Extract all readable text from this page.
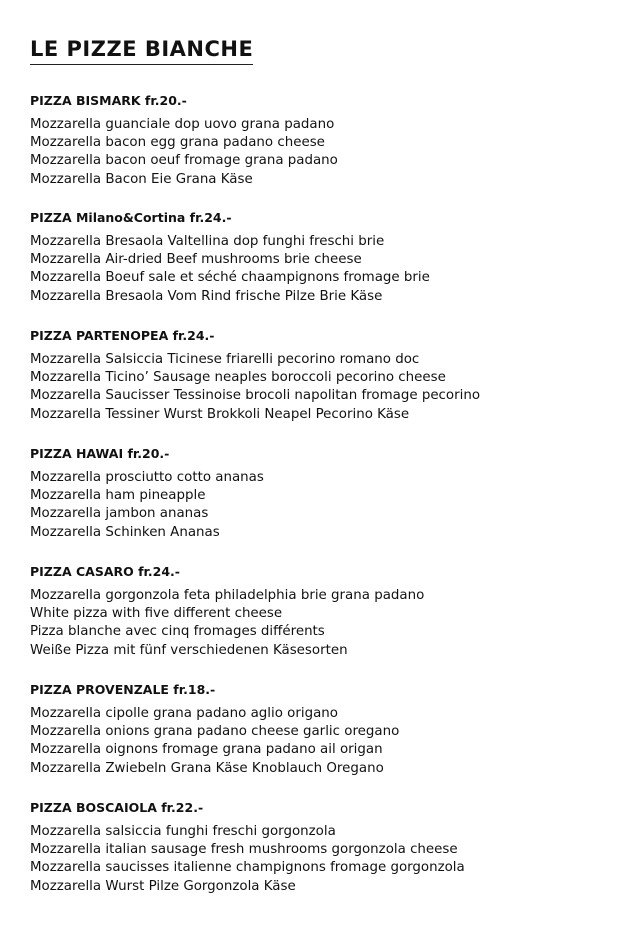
LE PIZZE BIANCHE
PIZZA BISMARK fr.20.-
Mozzarella guanciale dop uovo grana padano
Mozzarella bacon egg grana padano cheese
Mozzarella bacon oeuf fromage grana padano
Mozzarella Bacon Eie Grana Käse
PIZZA Milano&Cortina fr.24.-
Mozzarella Bresaola Valtellina dop funghi freschi brie
Mozzarella Air-dried Beef mushrooms brie cheese
Mozzarella Boeuf sale et séché chaampignons fromage brie
Mozzarella Bresaola Vom Rind frische Pilze Brie Käse
PIZZA PARTENOPEA fr.24.-
Mozzarella Salsiccia Ticinese friarelli pecorino romano doc
Mozzarella Ticino’ Sausage neaples boroccoli pecorino cheese
Mozzarella Saucisser Tessinoise brocoli napolitan fromage pecorino
Mozzarella Tessiner Wurst Brokkoli Neapel Pecorino Käse
PIZZA HAWAI fr.20.-
Mozzarella prosciutto cotto ananas
Mozzarella ham pineapple
Mozzarella jambon ananas
Mozzarella Schinken Ananas
PIZZA CASARO fr.24.-
Mozzarella gorgonzola feta philadelphia brie grana padano
White pizza with five different cheese
Pizza blanche avec cinq fromages différents
Weiße Pizza mit fünf verschiedenen Käsesorten
PIZZA PROVENZALE fr.18.-
Mozzarella cipolle grana padano aglio origano
Mozzarella onions grana padano cheese garlic oregano
Mozzarella oignons fromage grana padano ail origan
Mozzarella Zwiebeln Grana Käse Knoblauch Oregano
PIZZA BOSCAIOLA fr.22.-
Mozzarella salsiccia funghi freschi gorgonzola
Mozzarella italian sausage fresh mushrooms gorgonzola cheese
Mozzarella saucisses italienne champignons fromage gorgonzola
Mozzarella Wurst Pilze Gorgonzola Käse
